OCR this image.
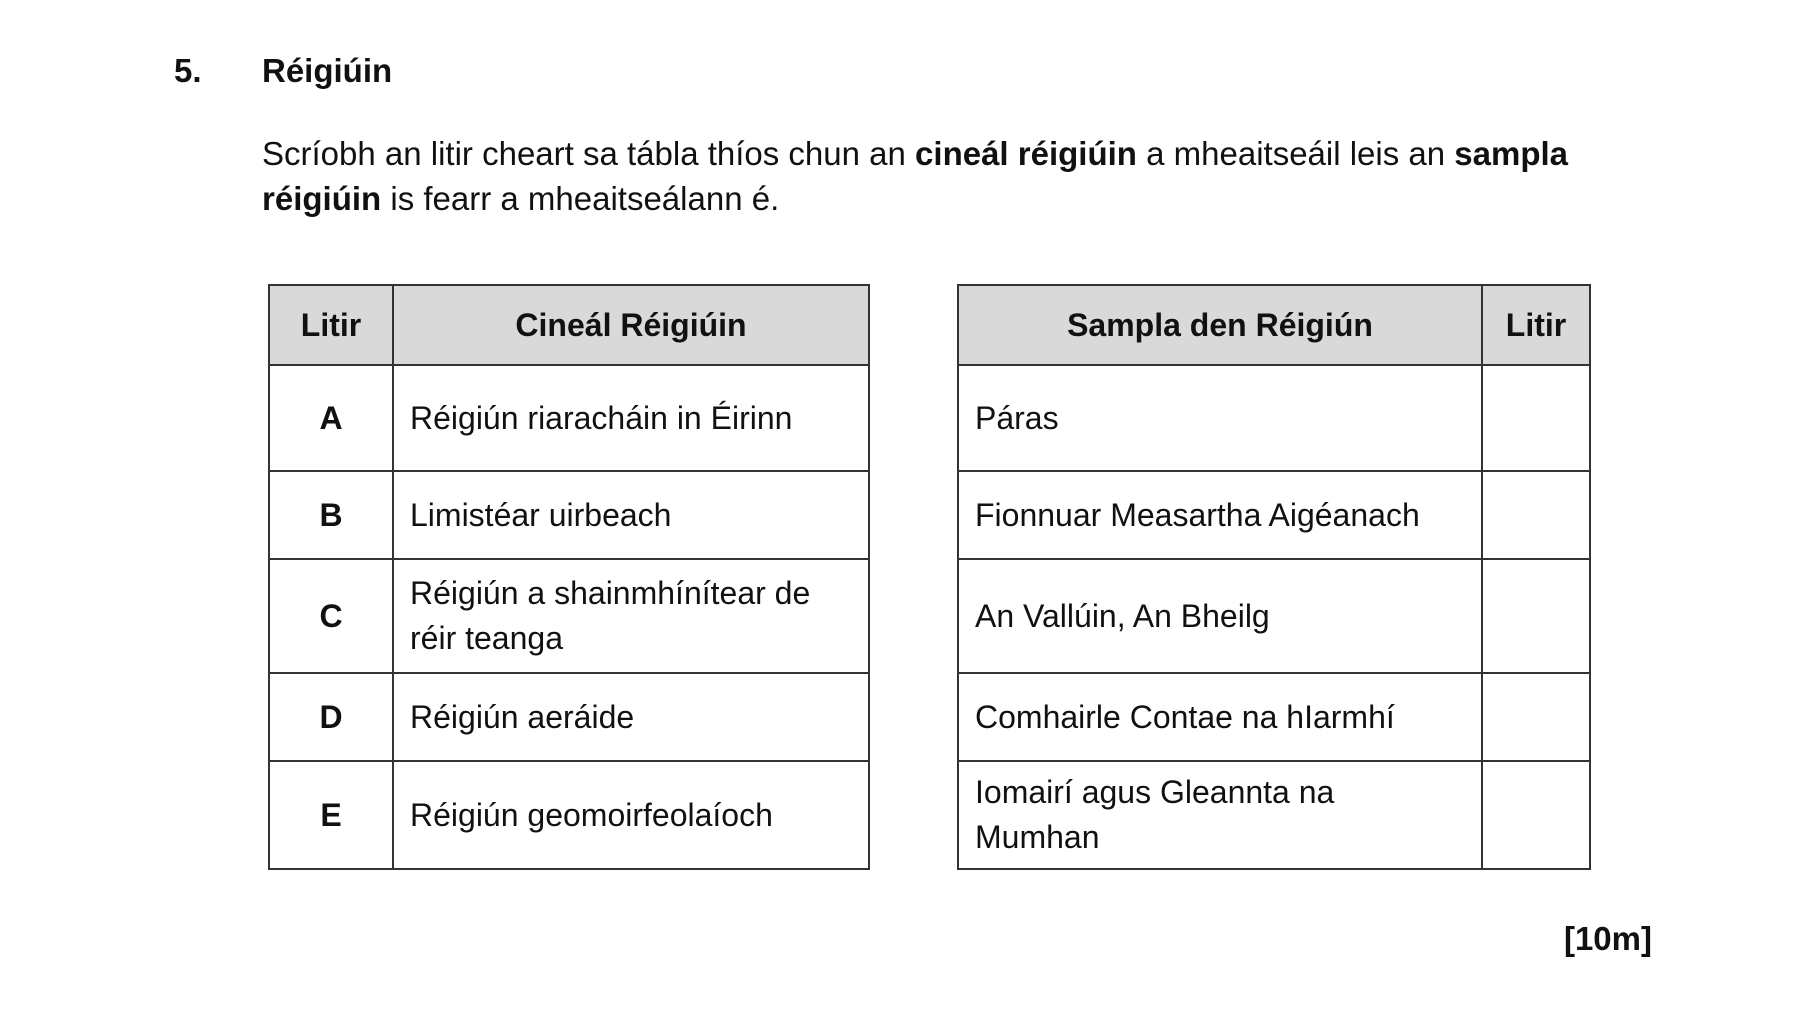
5. Réigiúin
Scríobh an litir cheart sa tábla thíos chun an cineál réigiúin a mheaitseáil leis an sampla réigiúin is fearr a mheaitseálann é.
Litir	Cineál Réigiúin
A	Réigiún riaracháin in Éirinn
B	Limistéar uirbeach
C	Réigiún a shainmhínítear de réir teanga
D	Réigiún aeráide
E	Réigiún geomoirfeolaíoch
Sampla den Réigiún	Litir
Páras	
Fionnuar Measartha Aigéanach	
An Vallúin, An Bheilg	
Comhairle Contae na hIarmhí	
Iomairí agus Gleannta na Mumhan	
[10m]
